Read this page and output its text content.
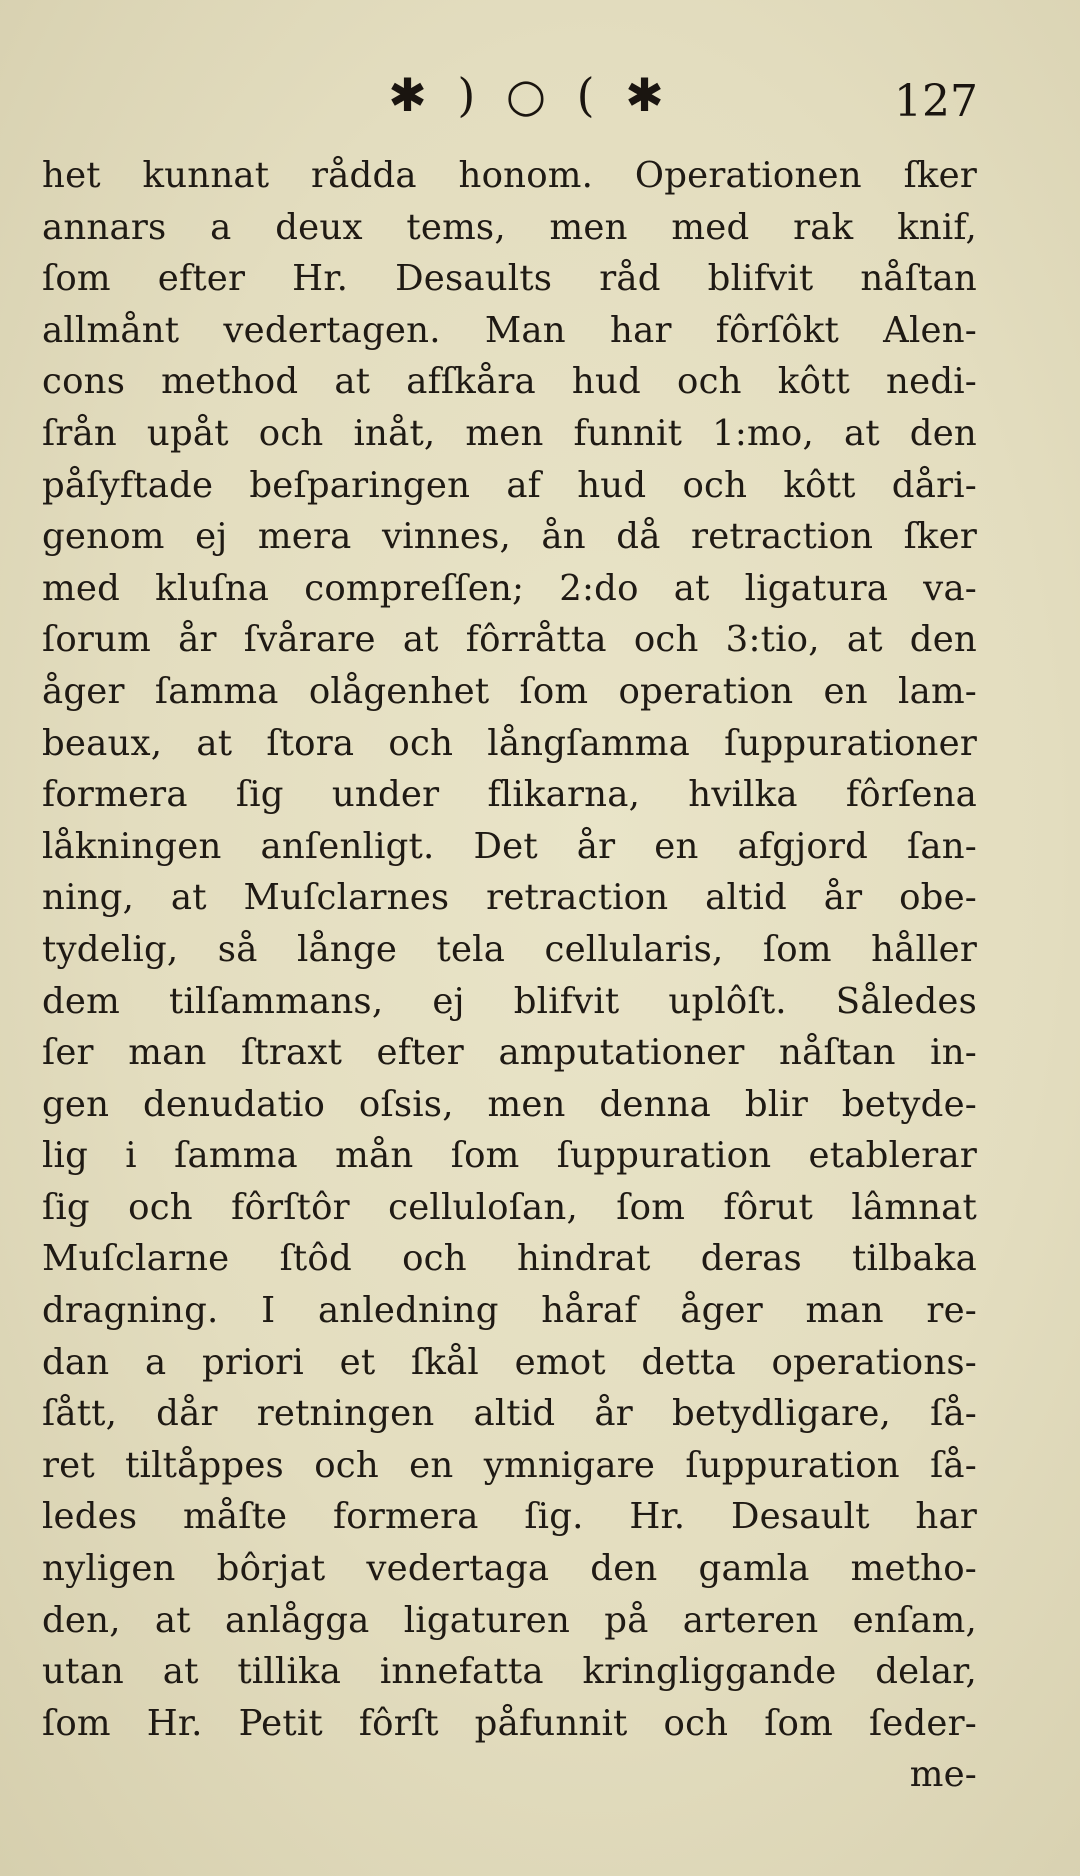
✱ ) ○ ( ✱	127
het kunnat rådda honom. Operationen ſker
annars a deux tems, men med rak knif,
ſom efter Hr. Desaults råd blifvit nåſtan
allmånt vedertagen. Man har fôrſôkt Alen-
cons method at afſkåra hud och kôtt nedi-
ſrån upåt och inåt, men funnit 1:mo, at den
påſyftade beſparingen af hud och kôtt dåri-
genom ej mera vinnes, ån då retraction ſker
med kluſna compreſſen; 2:do at ligatura va-
ſorum år ſvårare at fôrråtta och 3:tio, at den
åger ſamma olågenhet ſom operation en lam-
beaux, at ſtora och långſamma ſuppurationer
formera ſig under flikarna, hvilka fôrſena
låkningen anſenligt. Det år en afgjord ſan-
ning, at Muſclarnes retraction altid år obe-
tydelig, så långe tela cellularis, ſom håller
dem tilſammans, ej blifvit uplôſt. Således
ſer man ſtraxt efter amputationer nåſtan in-
gen denudatio oſsis, men denna blir betyde-
lig i ſamma mån ſom ſuppuration etablerar
ſig och fôrſtôr celluloſan, ſom fôrut lâmnat
Muſclarne ſtôd och hindrat deras tilbaka
dragning. I anledning håraf åger man re-
dan a priori et ſkål emot detta operations-
ſått, dår retningen altid år betydligare, ſå-
ret tiltåppes och en ymnigare ſuppuration ſå-
ledes måſte formera ſig. Hr. Desault har
nyligen bôrjat vedertaga den gamla metho-
den, at anlågga ligaturen på arteren enſam,
utan at tillika innefatta kringliggande delar,
ſom Hr. Petit fôrſt påfunnit och ſom ſeder-
me-
